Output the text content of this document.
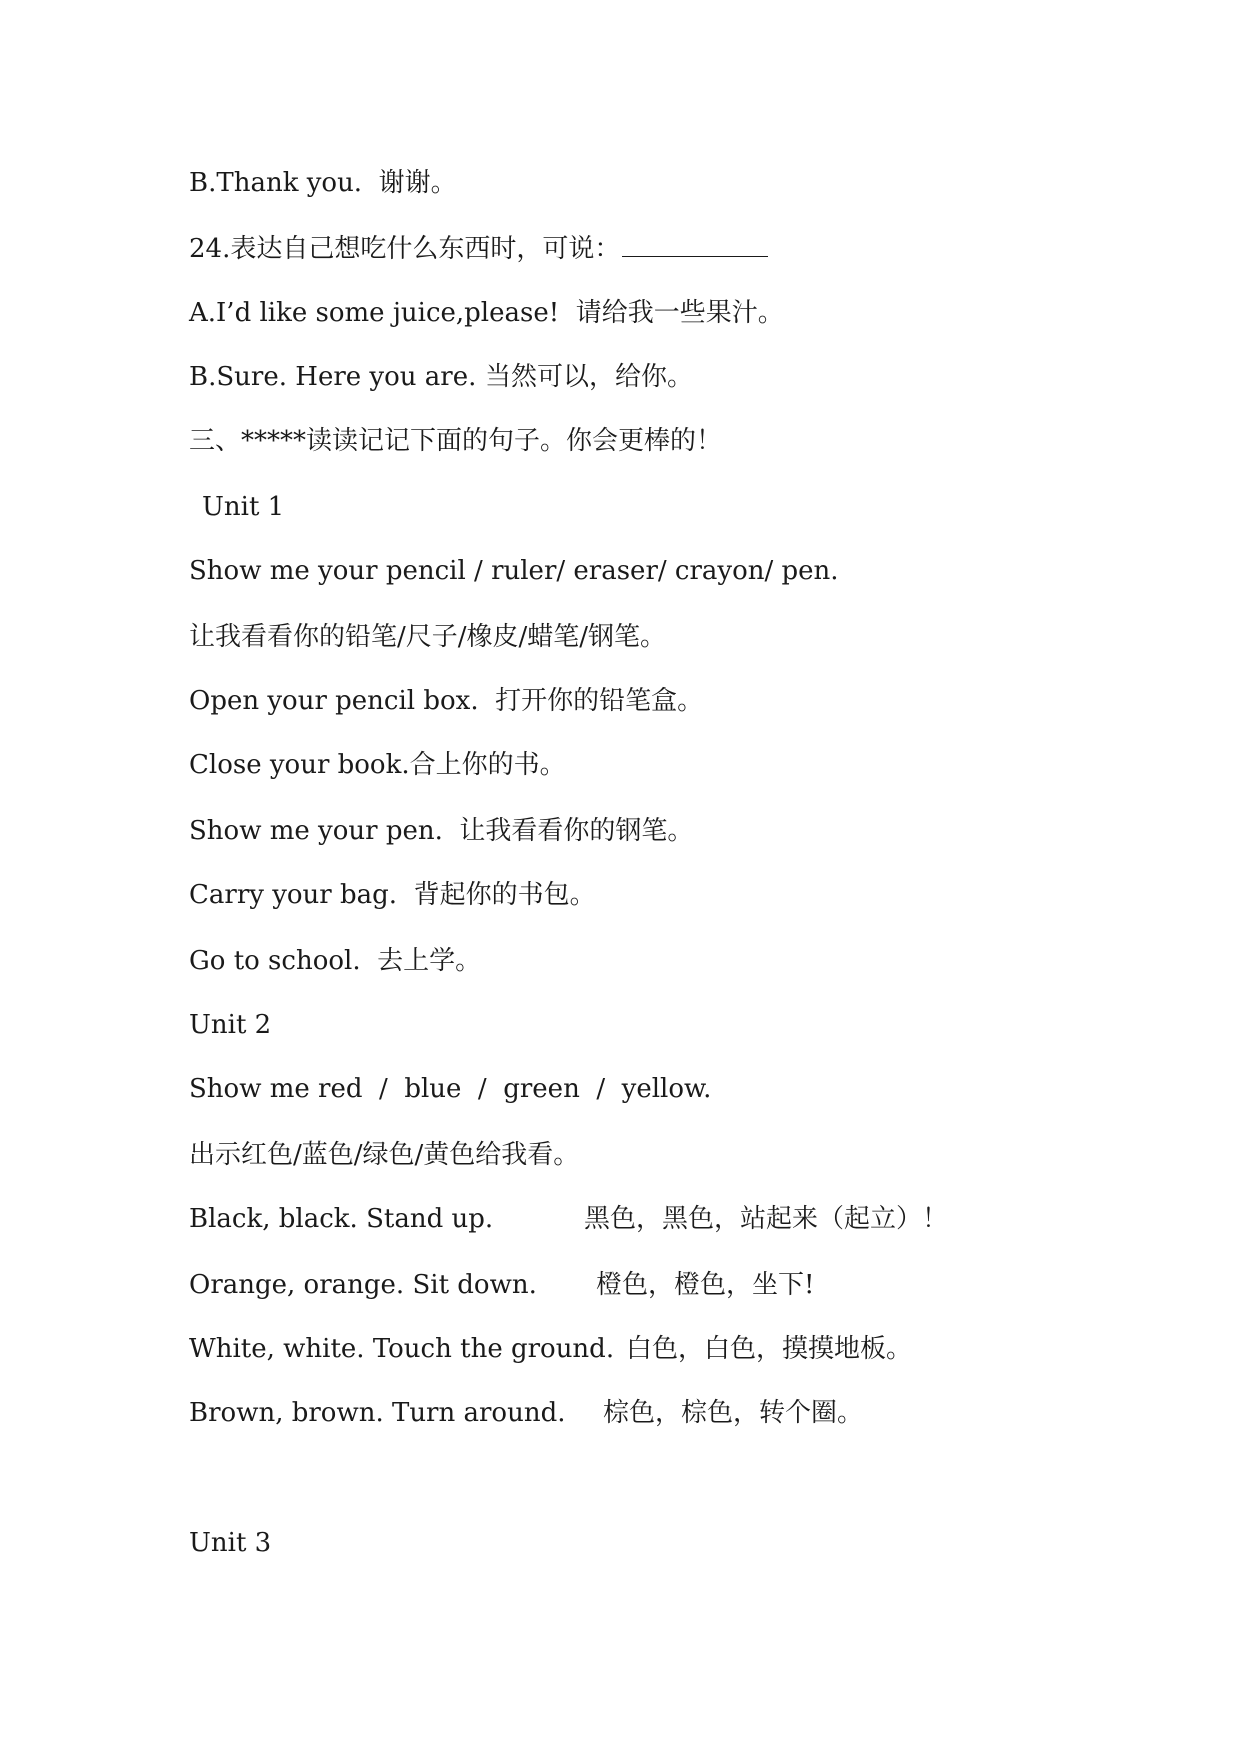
B.Thank you.  谢谢。
24.表达自己想吃什么东西时，可说：
A.I’d like some juice,please!  请给我一些果汁。
B.Sure. Here you are. 当然可以，给你。
三、*****读读记记下面的句子。你会更棒的！
Unit 1
Show me your pencil / ruler/ eraser/ crayon/ pen.
让我看看你的铅笔/尺子/橡皮/蜡笔/钢笔。
Open your pencil box.  打开你的铅笔盒。
Close your book.合上你的书。
Show me your pen.  让我看看你的钢笔。
Carry your bag.  背起你的书包。
Go to school.  去上学。
Unit 2
Show me red  /  blue  /  green  /  yellow.
出示红色/蓝色/绿色/黄色给我看。
Black, black. Stand up.	黑色，黑色，站起来（起立）！
Orange, orange. Sit down. 橙色，橙色，坐下!
White, white. Touch the ground. 白色，白色，摸摸地板。
Brown, brown. Turn around. 棕色，棕色，转个圈。
Unit 3
